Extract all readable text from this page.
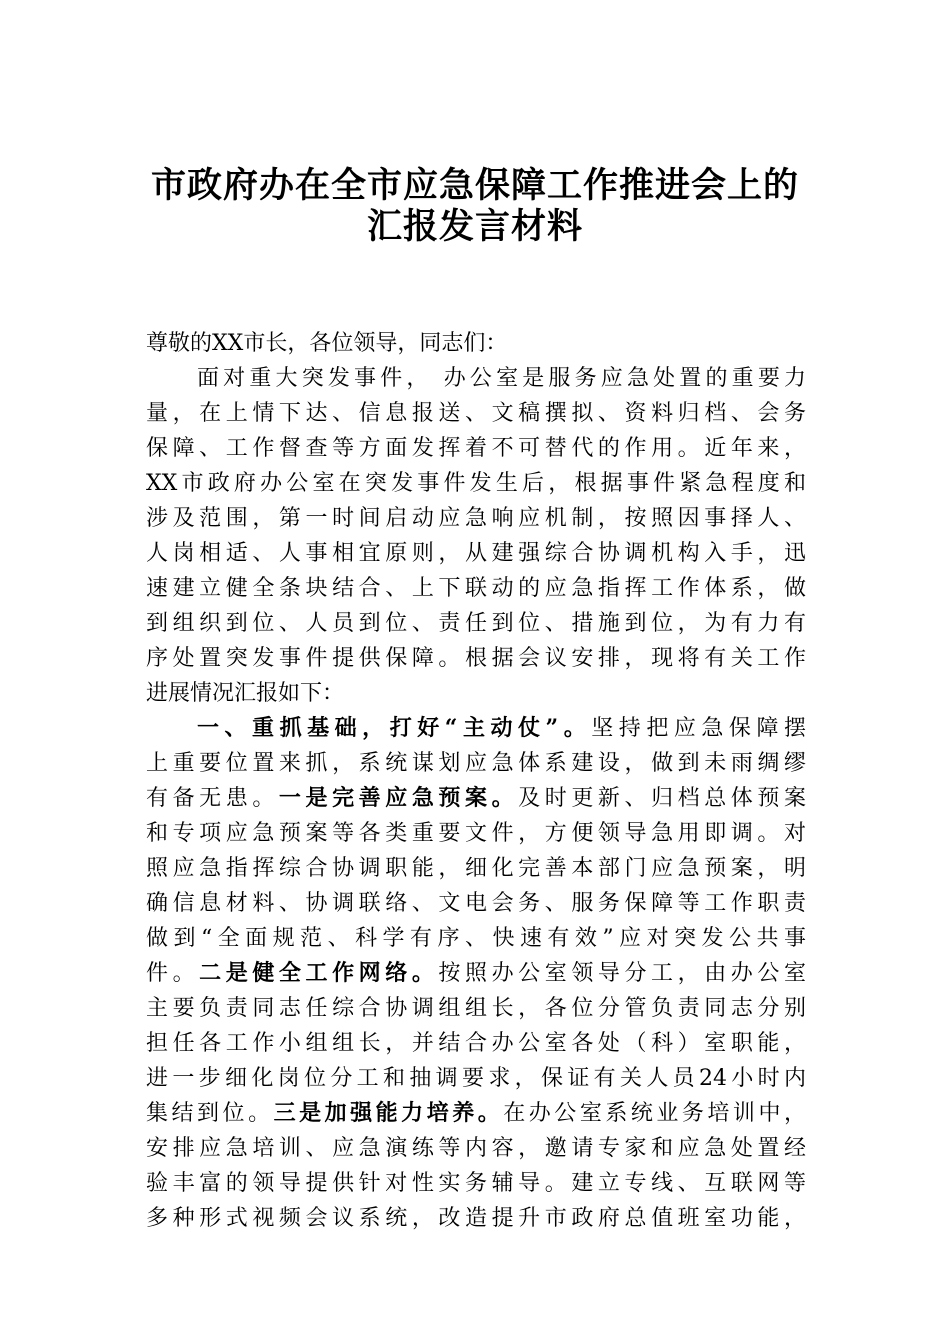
市政府办在全市应急保障工作推进会上的
汇报发言材料
尊敬的XX市长，各位领导，同志们：
面对重大突发事件， 办公室是服务应急处置的重要力
量，在上情下达、信息报送、文稿撰拟、资料归档、会务
保障、工作督查等方面发挥着不可替代的作用。近年来，
XX市政府办公室在突发事件发生后，根据事件紧急程度和
涉及范围，第一时间启动应急响应机制，按照因事择人、
人岗相适、人事相宜原则，从建强综合协调机构入手，迅
速建立健全条块结合、上下联动的应急指挥工作体系，做
到组织到位、人员到位、责任到位、措施到位，为有力有
序处置突发事件提供保障。根据会议安排，现将有关工作
进展情况汇报如下：
一、重抓基础，打好“主动仗”。坚持把应急保障摆
上重要位置来抓，系统谋划应急体系建设，做到未雨绸缪
有备无患。一是完善应急预案。及时更新、归档总体预案
和专项应急预案等各类重要文件，方便领导急用即调。对
照应急指挥综合协调职能，细化完善本部门应急预案，明
确信息材料、协调联络、文电会务、服务保障等工作职责
做到“全面规范、科学有序、快速有效”应对突发公共事
件。二是健全工作网络。按照办公室领导分工，由办公室
主要负责同志任综合协调组组长，各位分管负责同志分别
担任各工作小组组长，并结合办公室各处（科）室职能，
进一步细化岗位分工和抽调要求，保证有关人员24小时内
集结到位。三是加强能力培养。在办公室系统业务培训中，
安排应急培训、应急演练等内容，邀请专家和应急处置经
验丰富的领导提供针对性实务辅导。建立专线、互联网等
多种形式视频会议系统，改造提升市政府总值班室功能，
